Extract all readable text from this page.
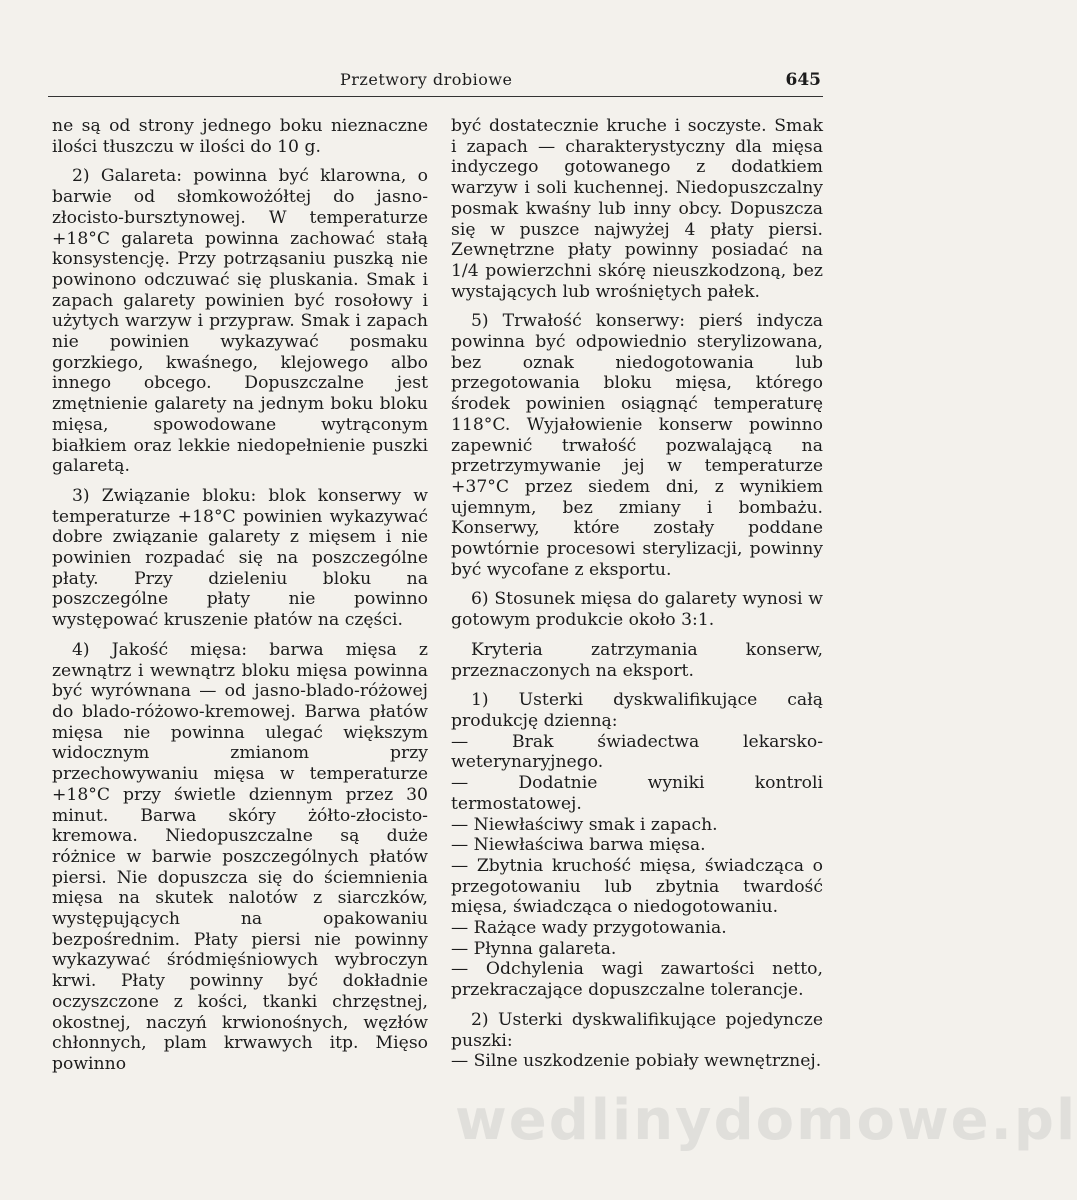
Przetwory drobiowe	645

ne są od strony jednego boku nieznaczne ilości tłuszczu w ilości do 10 g.

2) Galareta: powinna być klarowna, o barwie od słomkowożółtej do jasno-złocisto-bursztynowej. W temperaturze +18°C galareta powinna zachować stałą konsystencję. Przy potrząsaniu puszką nie powinono odczuwać się pluskania. Smak i zapach galarety powinien być rosołowy i użytych warzyw i przypraw. Smak i zapach nie powinien wykazywać posmaku gorzkiego, kwaśnego, klejowego albo innego obcego. Dopuszczalne jest zmętnienie galarety na jednym boku bloku mięsa, spowodowane wytrąconym białkiem oraz lekkie niedopełnienie puszki galaretą.

3) Związanie bloku: blok konserwy w temperaturze +18°C powinien wykazywać dobre związanie galarety z mięsem i nie powinien rozpadać się na poszczególne płaty. Przy dzieleniu bloku na poszczególne płaty nie powinno występować kruszenie płatów na części.

4) Jakość mięsa: barwa mięsa z zewnątrz i wewnątrz bloku mięsa powinna być wyrównana — od jasno-blado-różowej do blado-różowo-kremowej. Barwa płatów mięsa nie powinna ulegać większym widocznym zmianom przy przechowywaniu mięsa w temperaturze +18°C przy świetle dziennym przez 30 minut. Barwa skóry żółto-złocisto-kremowa. Niedopuszczalne są duże różnice w barwie poszczególnych płatów piersi. Nie dopuszcza się do ściemnienia mięsa na skutek nalotów z siarczków, występujących na opakowaniu bezpośrednim. Płaty piersi nie powinny wykazywać śródmięśniowych wybroczyn krwi. Płaty powinny być dokładnie oczyszczone z kości, tkanki chrzęstnej, okostnej, naczyń krwionośnych, węzłów chłonnych, plam krwawych itp. Mięso powinno

być dostatecznie kruche i soczyste. Smak i zapach — charakterystyczny dla mięsa indyczego gotowanego z dodatkiem warzyw i soli kuchennej. Niedopuszczalny posmak kwaśny lub inny obcy. Dopuszcza się w puszce najwyżej 4 płaty piersi. Zewnętrzne płaty powinny posiadać na 1/4 powierzchni skórę nieuszkodzoną, bez wystających lub wrośniętych pałek.

5) Trwałość konserwy: pierś indycza powinna być odpowiednio sterylizowana, bez oznak niedogotowania lub przegotowania bloku mięsa, którego środek powinien osiągnąć temperaturę 118°C. Wyjałowienie konserw powinno zapewnić trwałość pozwalającą na przetrzymywanie jej w temperaturze +37°C przez siedem dni, z wynikiem ujemnym, bez zmiany i bombażu. Konserwy, które zostały poddane powtórnie procesowi sterylizacji, powinny być wycofane z eksportu.

6) Stosunek mięsa do galarety wynosi w gotowym produkcie około 3:1.

Kryteria zatrzymania konserw, przeznaczonych na eksport.

1) Usterki dyskwalifikujące całą produkcję dzienną:
— Brak świadectwa lekarsko-weterynaryjnego.
— Dodatnie wyniki kontroli termostatowej.
— Niewłaściwy smak i zapach.
— Niewłaściwa barwa mięsa.
— Zbytnia kruchość mięsa, świadcząca o przegotowaniu lub zbytnia twardość mięsa, świadcząca o niedogotowaniu.
— Rażące wady przygotowania.
— Płynna galareta.
— Odchylenia wagi zawartości netto, przekraczające dopuszczalne tolerancje.

2) Usterki dyskwalifikujące pojedyncze puszki:
— Silne uszkodzenie pobiały wewnętrznej.

wedlinydomowe.pl
